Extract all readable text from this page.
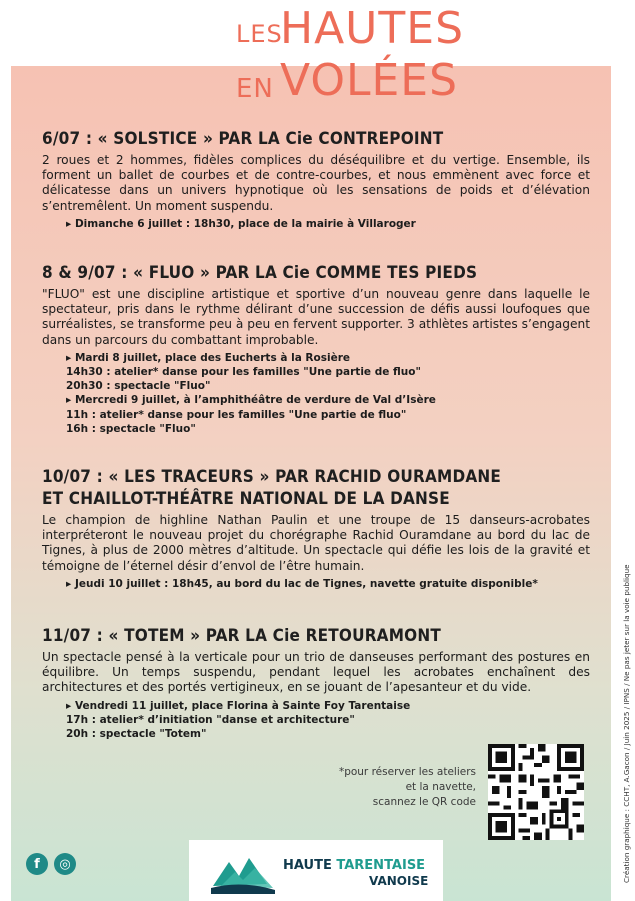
LES
HAUTES
EN VOLÉES
6/07 : « SOLSTICE » PAR LA Cie CONTREPOINT
2 roues et 2 hommes, fidèles complices du déséquilibre et du vertige. Ensemble, ils forment un ballet de courbes et de contre-courbes, et nous emmènent avec force et délicatesse dans un univers hypnotique où les sensations de poids et d’élévation s’entremêlent. Un moment suspendu.
▸ Dimanche 6 juillet : 18h30, place de la mairie à Villaroger
8 & 9/07 : « FLUO » PAR LA Cie COMME TES PIEDS
"FLUO" est une discipline artistique et sportive d’un nouveau genre dans laquelle le spectateur, pris dans le rythme délirant d’une succession de défis aussi loufoques que surréalistes, se transforme peu à peu en fervent supporter. 3 athlètes artistes s’engagent dans un parcours du combattant improbable.
▸ Mardi 8 juillet, place des Eucherts à la Rosière
14h30 : atelier* danse pour les familles "Une partie de fluo"
20h30 : spectacle "Fluo"
▸ Mercredi 9 juillet, à l’amphithéâtre de verdure de Val d’Isère
11h : atelier* danse pour les familles "Une partie de fluo"
16h : spectacle "Fluo"
10/07 : « LES TRACEURS » PAR RACHID OURAMDANE ET CHAILLOT-THÉÂTRE NATIONAL DE LA DANSE
Le champion de highline Nathan Paulin et une troupe de 15 danseurs-acrobates interpréteront le nouveau projet du chorégraphe Rachid Ouramdane au bord du lac de Tignes, à plus de 2000 mètres d’altitude. Un spectacle qui défie les lois de la gravité et témoigne de l’éternel désir d’envol de l’être humain.
▸ Jeudi 10 juillet : 18h45, au bord du lac de Tignes, navette gratuite disponible*
11/07 : « TOTEM » PAR LA Cie RETOURAMONT
Un spectacle pensé à la verticale pour un trio de danseuses performant des postures en équilibre. Un temps suspendu, pendant lequel les acrobates enchaînent des architectures et des portés vertigineux, en se jouant de l’apesanteur et du vide.
▸ Vendredi 11 juillet, place Florina à Sainte Foy Tarentaise
17h : atelier* d’initiation "danse et architecture"
20h : spectacle "Totem"
*pour réserver les ateliers
et la navette,
scannez le QR code	Création graphique : CCHT, A.Gacon / Juin 2025 / IPNS / Ne pas jeter sur la voie publique
f	◎	HAUTE TARENTAISE
VANOISE
